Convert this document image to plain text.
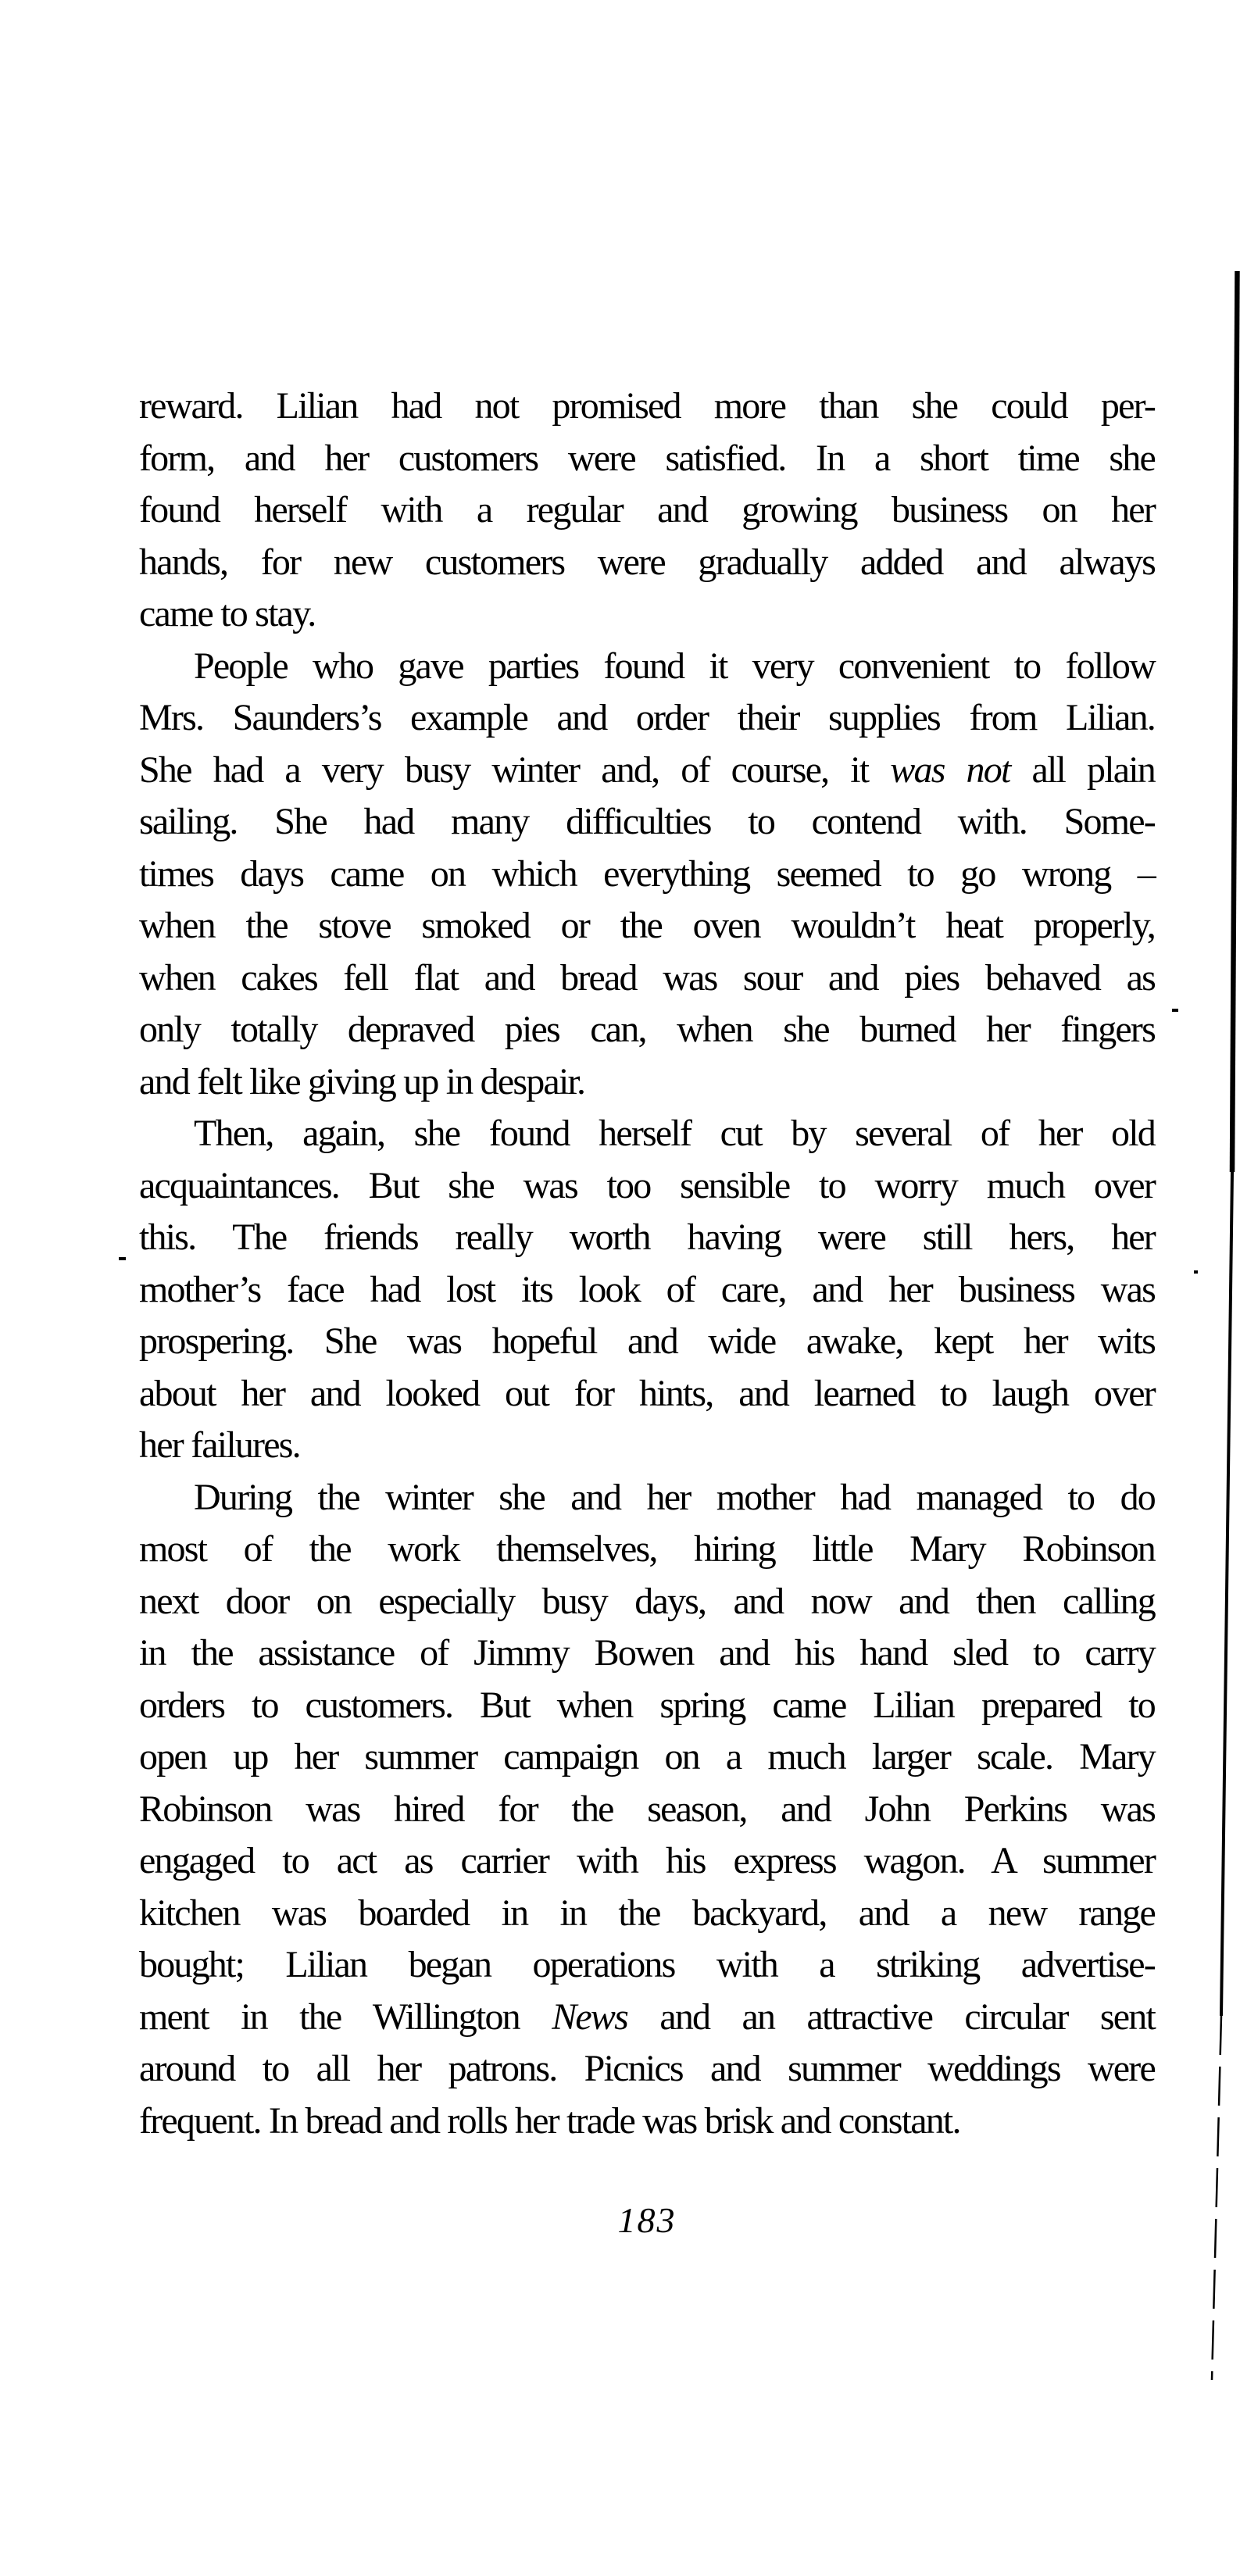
reward. Lilian had not promised more than she could per-
form, and her customers were satisfied. In a short time she
found herself with a regular and growing business on her
hands, for new customers were gradually added and always
came to stay.
People who gave parties found it very convenient to follow
Mrs. Saunders’s example and order their supplies from Lilian.
She had a very busy winter and, of course, it was not all plain
sailing. She had many difficulties to contend with. Some-
times days came on which everything seemed to go wrong –
when the stove smoked or the oven wouldn’t heat properly,
when cakes fell flat and bread was sour and pies behaved as
only totally depraved pies can, when she burned her fingers
and felt like giving up in despair.
Then, again, she found herself cut by several of her old
acquaintances. But she was too sensible to worry much over
this. The friends really worth having were still hers, her
mother’s face had lost its look of care, and her business was
prospering. She was hopeful and wide awake, kept her wits
about her and looked out for hints, and learned to laugh over
her failures.
During the winter she and her mother had managed to do
most of the work themselves, hiring little Mary Robinson
next door on especially busy days, and now and then calling
in the assistance of Jimmy Bowen and his hand sled to carry
orders to customers. But when spring came Lilian prepared to
open up her summer campaign on a much larger scale. Mary
Robinson was hired for the season, and John Perkins was
engaged to act as carrier with his express wagon. A summer
kitchen was boarded in in the backyard, and a new range
bought; Lilian began operations with a striking advertise-
ment in the Willington News and an attractive circular sent
around to all her patrons. Picnics and summer weddings were
frequent. In bread and rolls her trade was brisk and constant.
183
